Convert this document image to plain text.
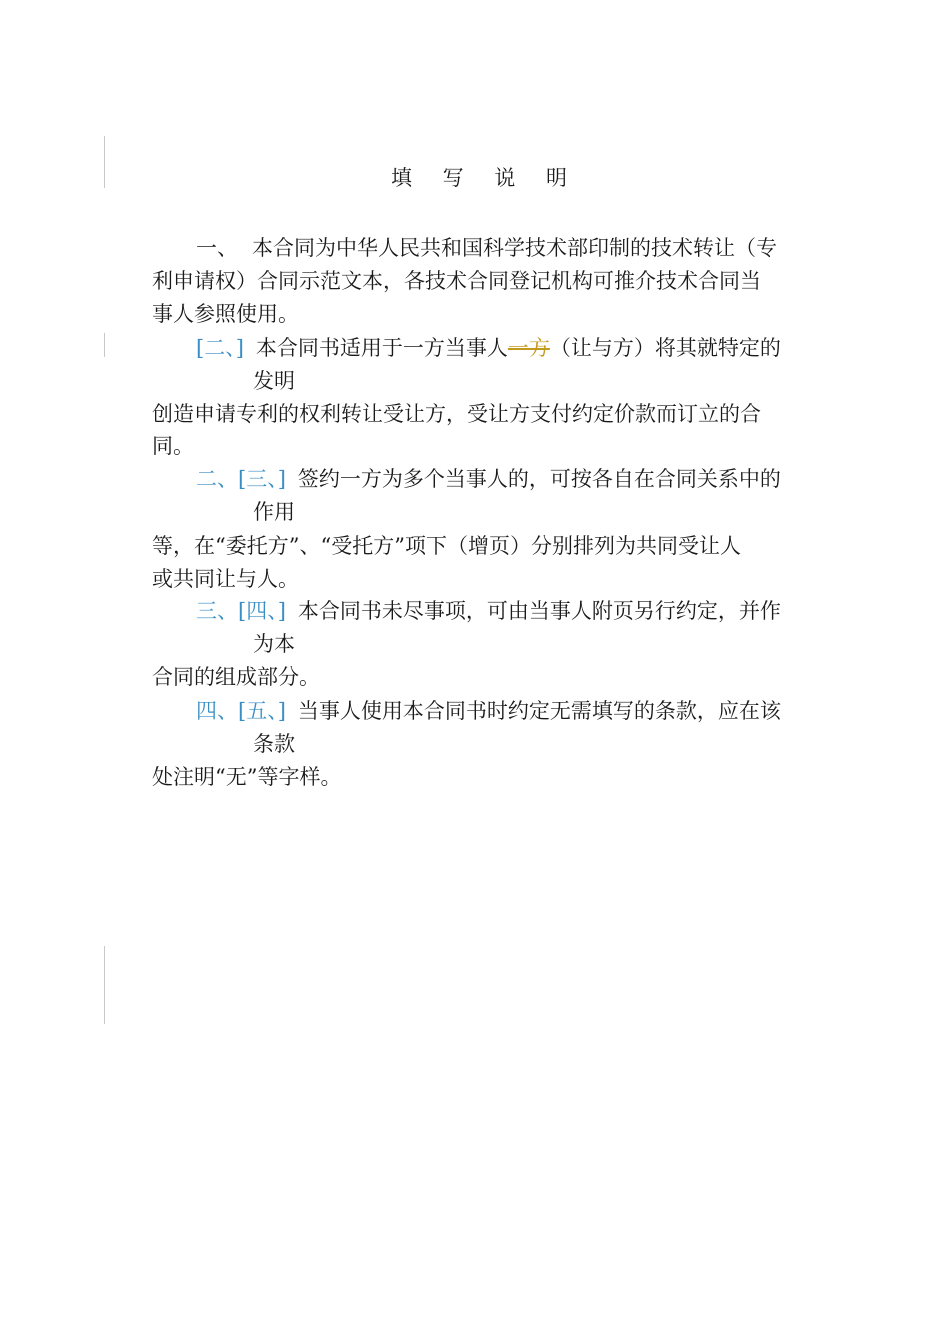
填 写 说 明
一、 本合同为中华人民共和国科学技术部印制的技术转让（专
利申请权）合同示范文本，各技术合同登记机构可推介技术合同当
事人参照使用。
[二、] 本合同书适用于一方当事人一方（让与方）将其就特定的
发明
创造申请专利的权利转让受让方，受让方支付约定价款而订立的合
同。
二、[三、] 签约一方为多个当事人的，可按各自在合同关系中的
作用
等，在“委托方”、“受托方”项下（增页）分别排列为共同受让人
或共同让与人。
三、[四、] 本合同书未尽事项，可由当事人附页另行约定，并作
为本
合同的组成部分。
四、[五、] 当事人使用本合同书时约定无需填写的条款，应在该
条款
处注明“无”等字样。
